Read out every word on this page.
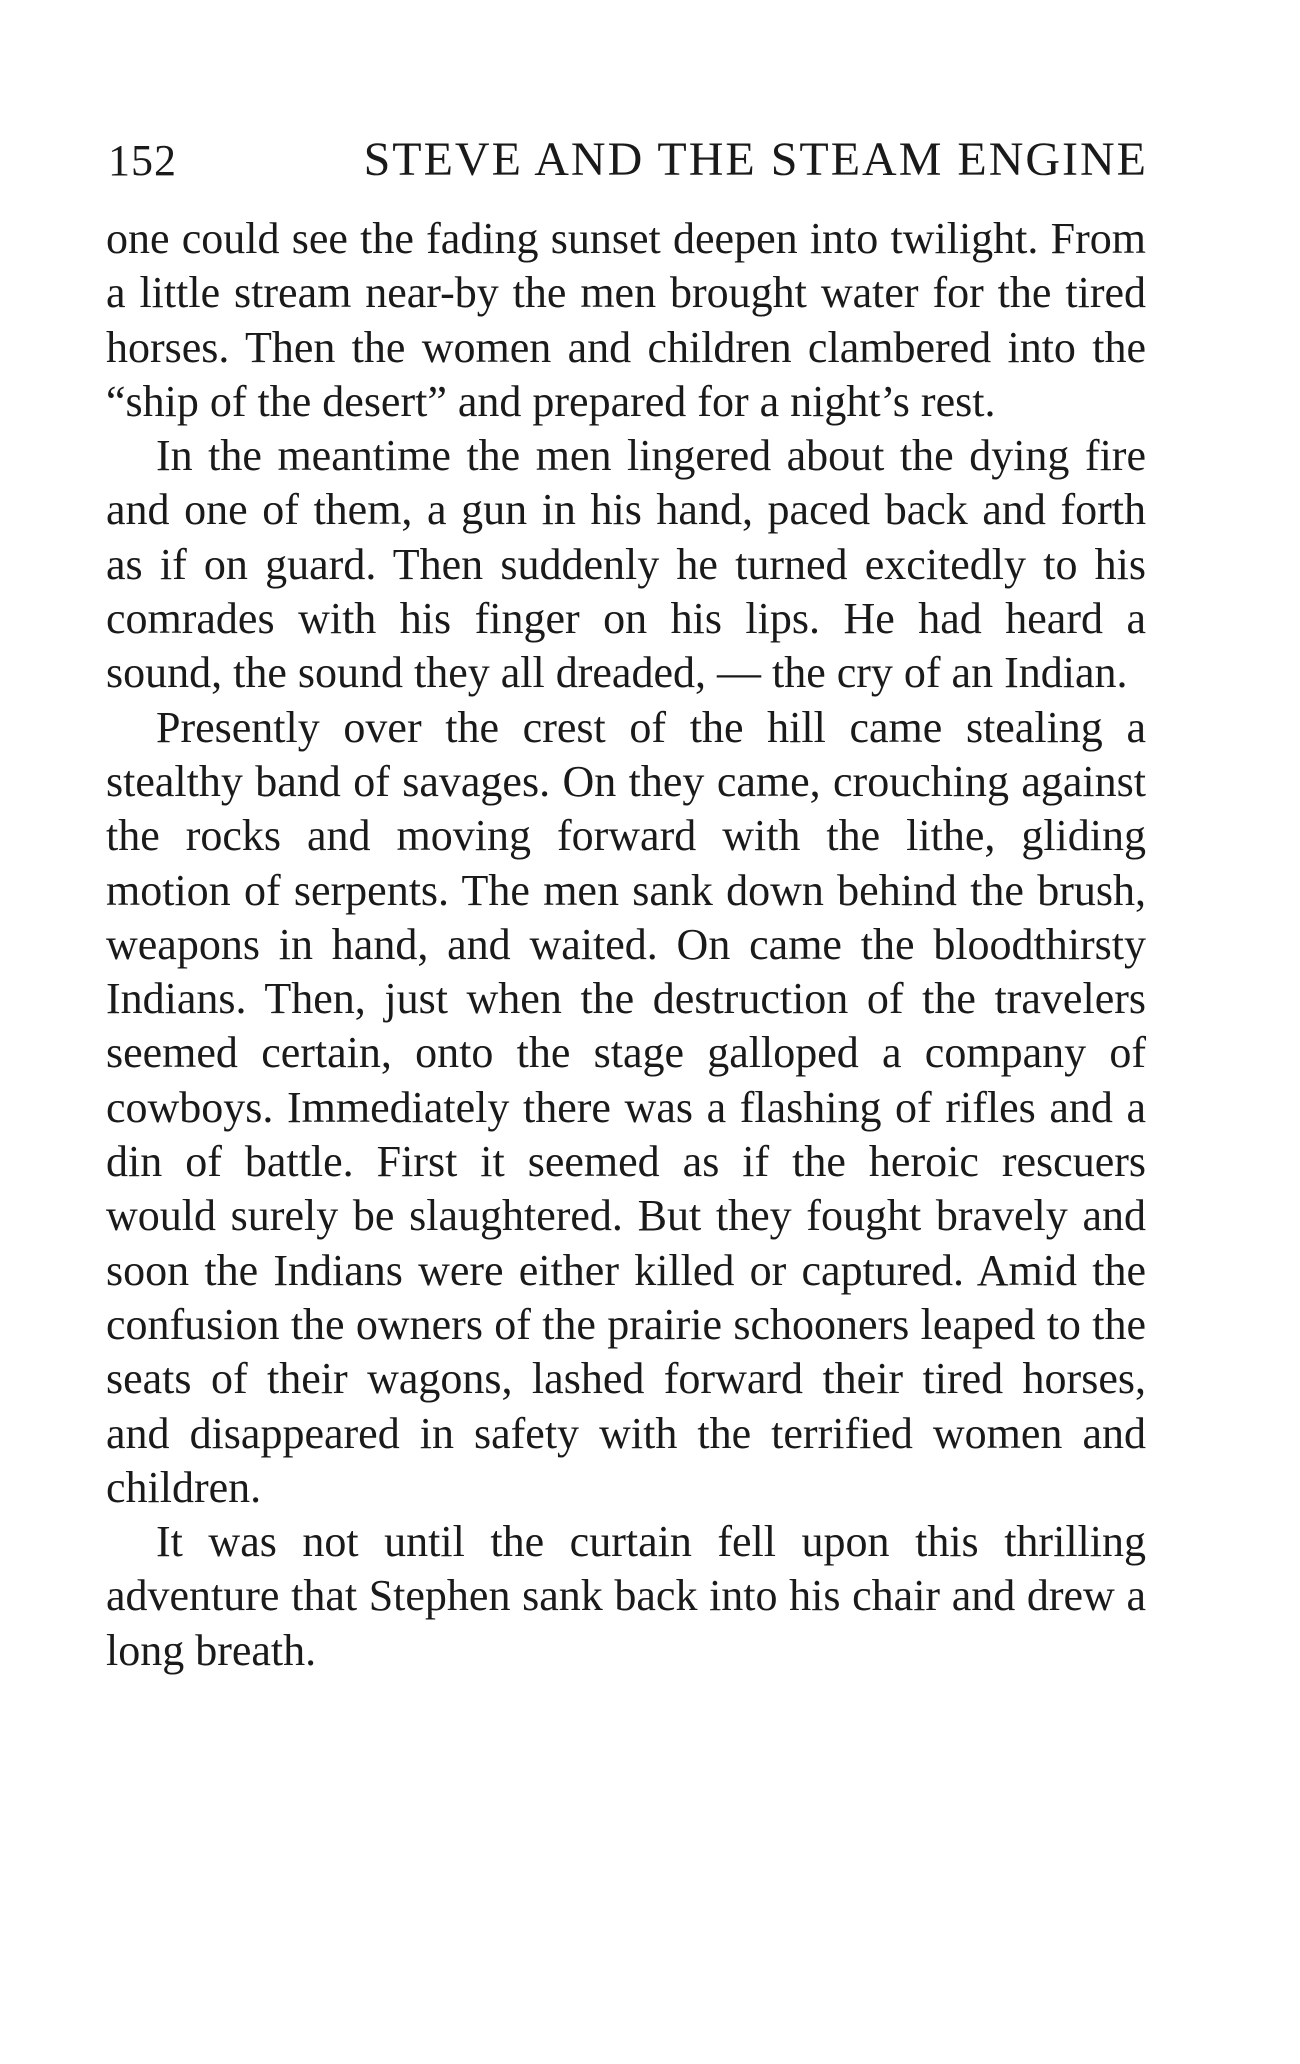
152	STEVE AND THE STEAM ENGINE

one could see the fading sunset deepen into twilight. From a little stream near-by the men brought water for the tired horses. Then the women and children clambered into the “ship of the desert” and prepared for a night’s rest.

In the meantime the men lingered about the dying fire and one of them, a gun in his hand, paced back and forth as if on guard. Then suddenly he turned excitedly to his comrades with his finger on his lips. He had heard a sound, the sound they all dreaded, — the cry of an Indian.

Presently over the crest of the hill came stealing a stealthy band of savages. On they came, crouching against the rocks and moving forward with the lithe, gliding motion of serpents. The men sank down behind the brush, weapons in hand, and waited. On came the bloodthirsty Indians. Then, just when the destruction of the travelers seemed certain, onto the stage galloped a company of cowboys. Immediately there was a flashing of rifles and a din of battle. First it seemed as if the heroic rescuers would surely be slaughtered. But they fought bravely and soon the Indians were either killed or captured. Amid the confusion the owners of the prairie schooners leaped to the seats of their wagons, lashed forward their tired horses, and disappeared in safety with the terrified women and children.

It was not until the curtain fell upon this thrilling adventure that Stephen sank back into his chair and drew a long breath.
